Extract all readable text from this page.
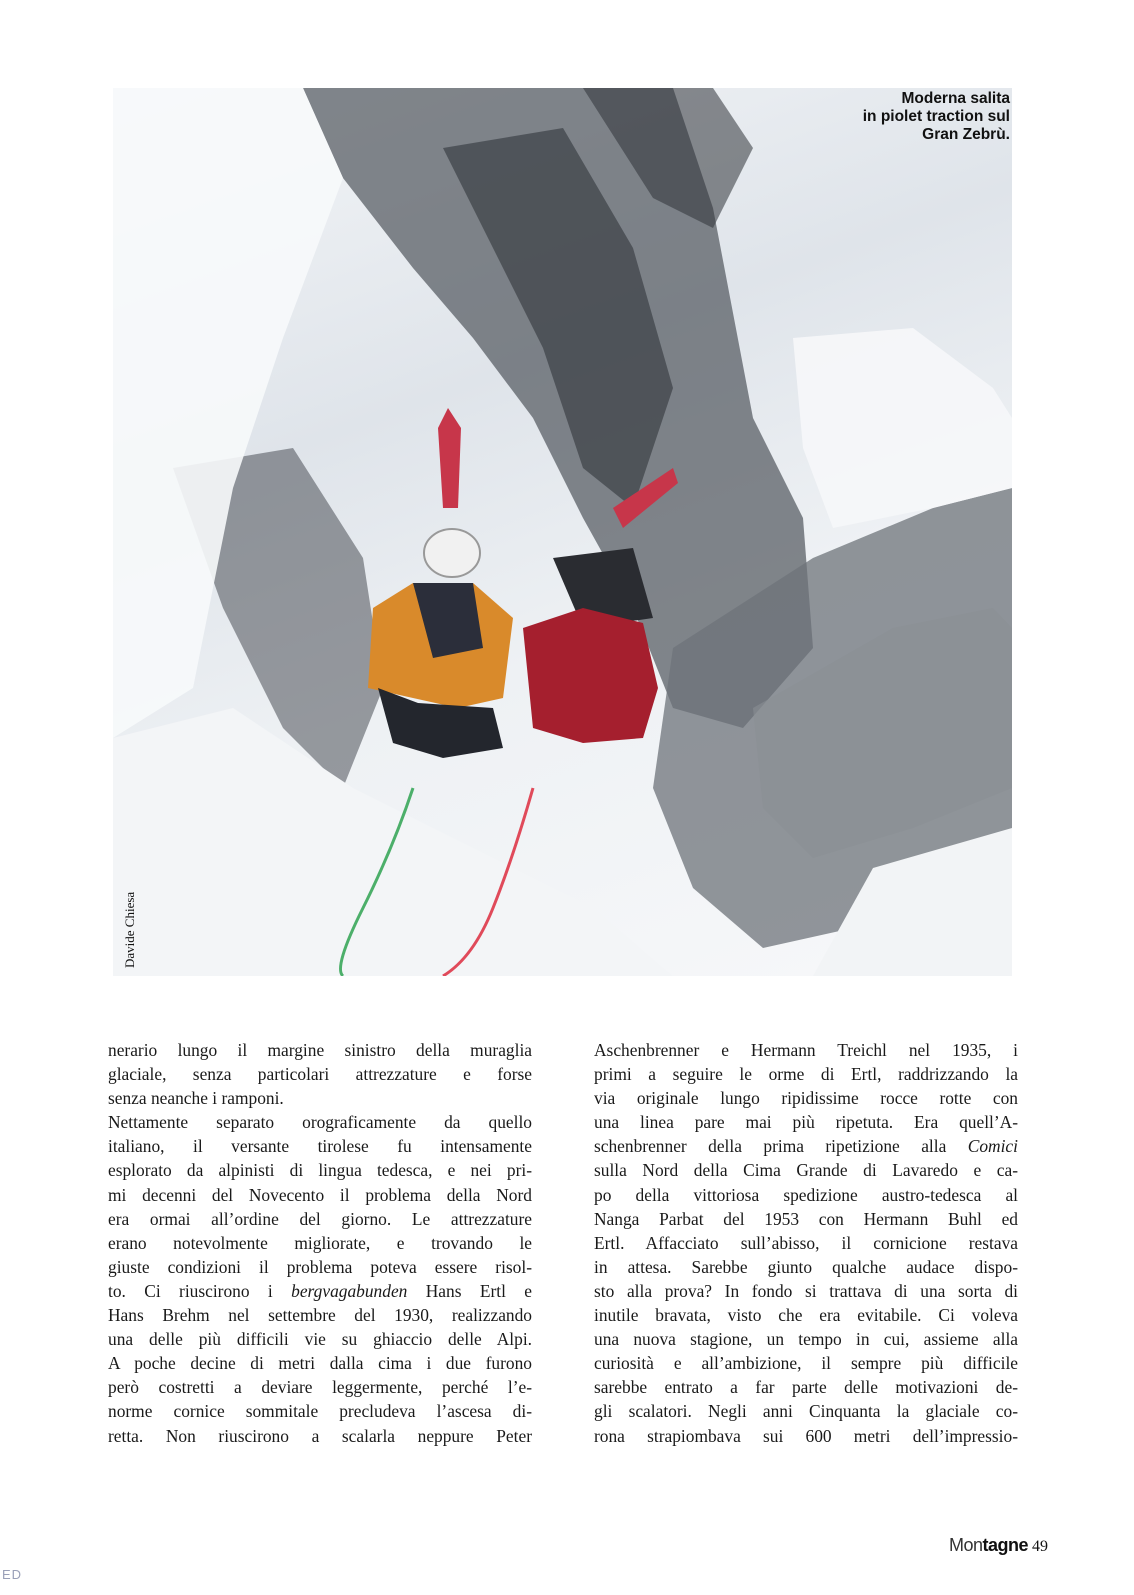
Moderna salita
in piolet traction sul
Gran Zebrù.
Davide Chiesa

nerario lungo il margine sinistro della muraglia
glaciale, senza particolari attrezzature e forse
senza neanche i ramponi.

Nettamente separato orograficamente da quello
italiano, il versante tirolese fu intensamente
esplorato da alpinisti di lingua tedesca, e nei pri-
mi decenni del Novecento il problema della Nord
era ormai all’ordine del giorno. Le attrezzature
erano notevolmente migliorate, e trovando le
giuste condizioni il problema poteva essere risol-
to. Ci riuscirono i bergvagabunden Hans Ertl e
Hans Brehm nel settembre del 1930, realizzando
una delle più difficili vie su ghiaccio delle Alpi.
A poche decine di metri dalla cima i due furono
però costretti a deviare leggermente, perché l’e-
norme cornice sommitale precludeva l’ascesa di-
retta. Non riuscirono a scalarla neppure Peter

Aschenbrenner e Hermann Treichl nel 1935, i
primi a seguire le orme di Ertl, raddrizzando la
via originale lungo ripidissime rocce rotte con
una linea pare mai più ripetuta. Era quell’A-
schenbrenner della prima ripetizione alla Comici
sulla Nord della Cima Grande di Lavaredo e ca-
po della vittoriosa spedizione austro-tedesca al
Nanga Parbat del 1953 con Hermann Buhl ed
Ertl. Affacciato sull’abisso, il cornicione restava
in attesa. Sarebbe giunto qualche audace dispo-
sto alla prova? In fondo si trattava di una sorta di
inutile bravata, visto che era evitabile. Ci voleva
una nuova stagione, un tempo in cui, assieme alla
curiosità e all’ambizione, il sempre più difficile
sarebbe entrato a far parte delle motivazioni de-
gli scalatori. Negli anni Cinquanta la glaciale co-
rona strapiombava sui 600 metri dell’impressio-

Montagne 49
ED
